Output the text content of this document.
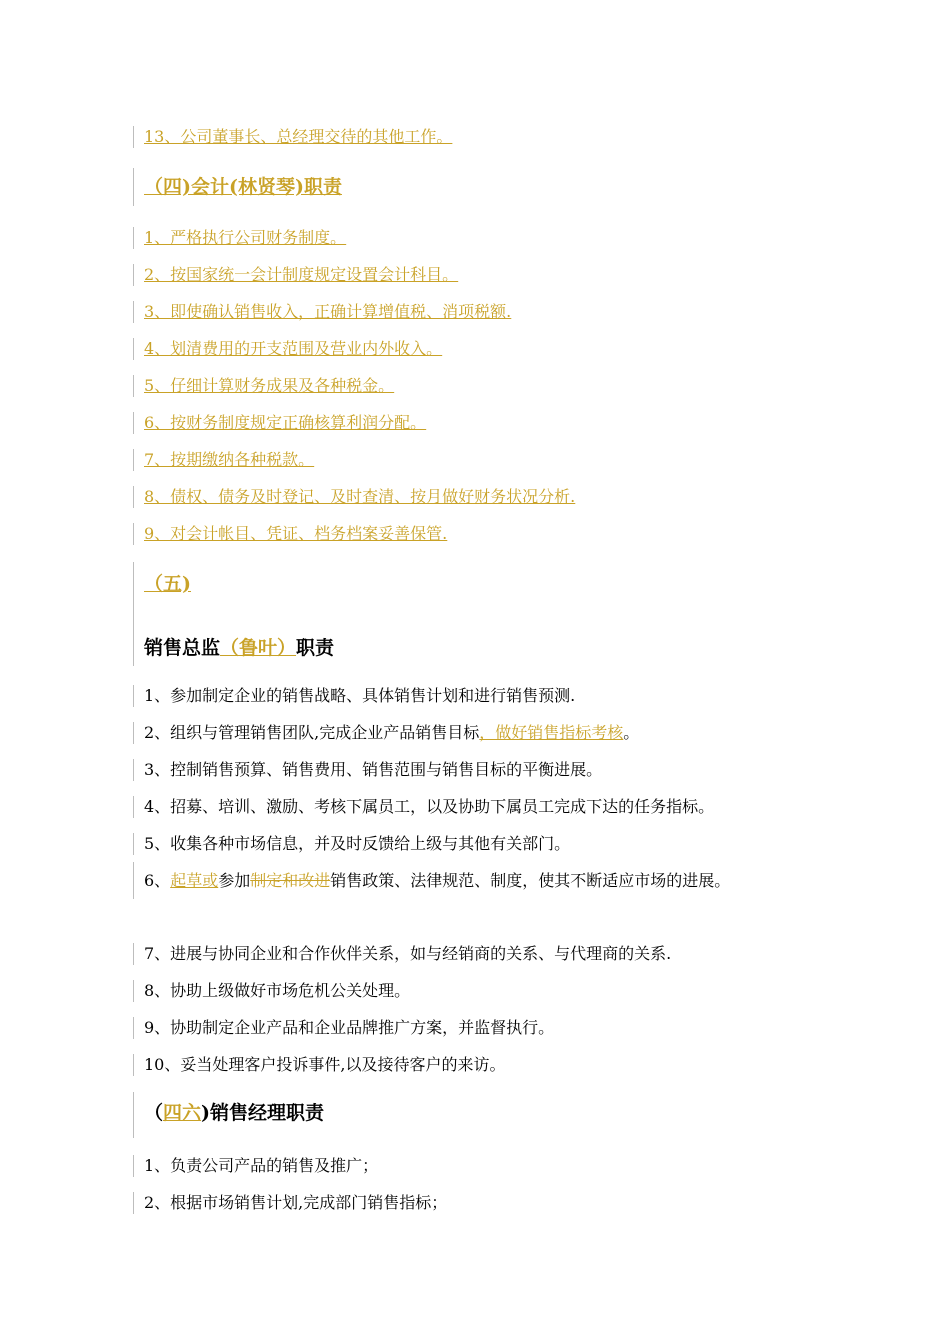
13、公司董事长、总经理交待的其他工作。
（四)会计(林贤琴)职责
1、严格执行公司财务制度。
2、按国家统一会计制度规定设置会计科目。
3、即使确认销售收入，正确计算增值税、消项税额.
4、划清费用的开支范围及营业内外收入。
5、仔细计算财务成果及各种税金。
6、按财务制度规定正确核算利润分配。
7、按期缴纳各种税款。
8、债权、债务及时登记、及时查清、按月做好财务状况分析.
9、对会计帐目、凭证、档务档案妥善保管.
（五)
销售总监（鲁叶）职责
1、参加制定企业的销售战略、具体销售计划和进行销售预测.
2、组织与管理销售团队,完成企业产品销售目标，做好销售指标考核。
3、控制销售预算、销售费用、销售范围与销售目标的平衡进展。
4、招募、培训、激励、考核下属员工，以及协助下属员工完成下达的任务指标。
5、收集各种市场信息，并及时反馈给上级与其他有关部门。
6、起草或参加制定和改进销售政策、法律规范、制度，使其不断适应市场的进展。
7、进展与协同企业和合作伙伴关系，如与经销商的关系、与代理商的关系.
8、协助上级做好市场危机公关处理。
9、协助制定企业产品和企业品牌推广方案，并监督执行。
10、妥当处理客户投诉事件,以及接待客户的来访。
（四六)销售经理职责
1、负责公司产品的销售及推广；
2、根据市场销售计划,完成部门销售指标；
